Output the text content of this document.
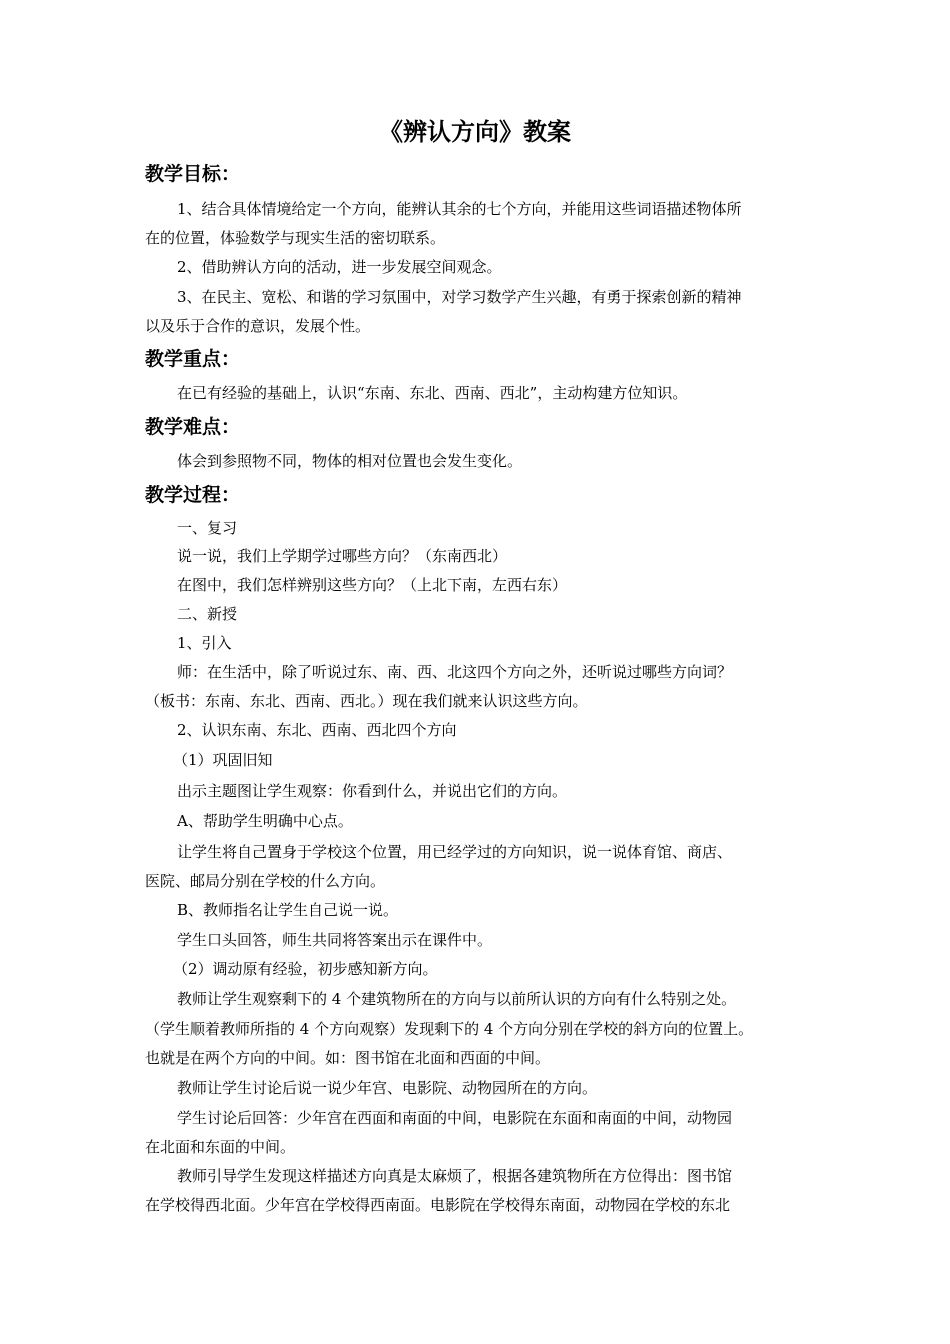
《辨认方向》教案
教学目标：
1、结合具体情境给定一个方向，能辨认其余的七个方向，并能用这些词语描述物体所
在的位置，体验数学与现实生活的密切联系。
2、借助辨认方向的活动，进一步发展空间观念。
3、在民主、宽松、和谐的学习氛围中，对学习数学产生兴趣，有勇于探索创新的精神
以及乐于合作的意识，发展个性。
教学重点：
在已有经验的基础上，认识“东南、东北、西南、西北”，主动构建方位知识。
教学难点：
体会到参照物不同，物体的相对位置也会发生变化。
教学过程：
一、复习
说一说，我们上学期学过哪些方向？（东南西北）
在图中，我们怎样辨别这些方向？（上北下南，左西右东）
二、新授
1、引入
师：在生活中，除了听说过东、南、西、北这四个方向之外，还听说过哪些方向词？
（板书：东南、东北、西南、西北。）现在我们就来认识这些方向。
2、认识东南、东北、西南、西北四个方向
（1）巩固旧知
出示主题图让学生观察：你看到什么，并说出它们的方向。
A、帮助学生明确中心点。
让学生将自己置身于学校这个位置，用已经学过的方向知识，说一说体育馆、商店、
医院、邮局分别在学校的什么方向。
B、教师指名让学生自己说一说。
学生口头回答，师生共同将答案出示在课件中。
（2）调动原有经验，初步感知新方向。
教师让学生观察剩下的 4 个建筑物所在的方向与以前所认识的方向有什么特别之处。
（学生顺着教师所指的 4 个方向观察）发现剩下的 4 个方向分别在学校的斜方向的位置上。
也就是在两个方向的中间。如：图书馆在北面和西面的中间。
教师让学生讨论后说一说少年宫、电影院、动物园所在的方向。
学生讨论后回答：少年宫在西面和南面的中间，电影院在东面和南面的中间，动物园
在北面和东面的中间。
教师引导学生发现这样描述方向真是太麻烦了，根据各建筑物所在方位得出：图书馆
在学校得西北面。少年宫在学校得西南面。电影院在学校得东南面，动物园在学校的东北
